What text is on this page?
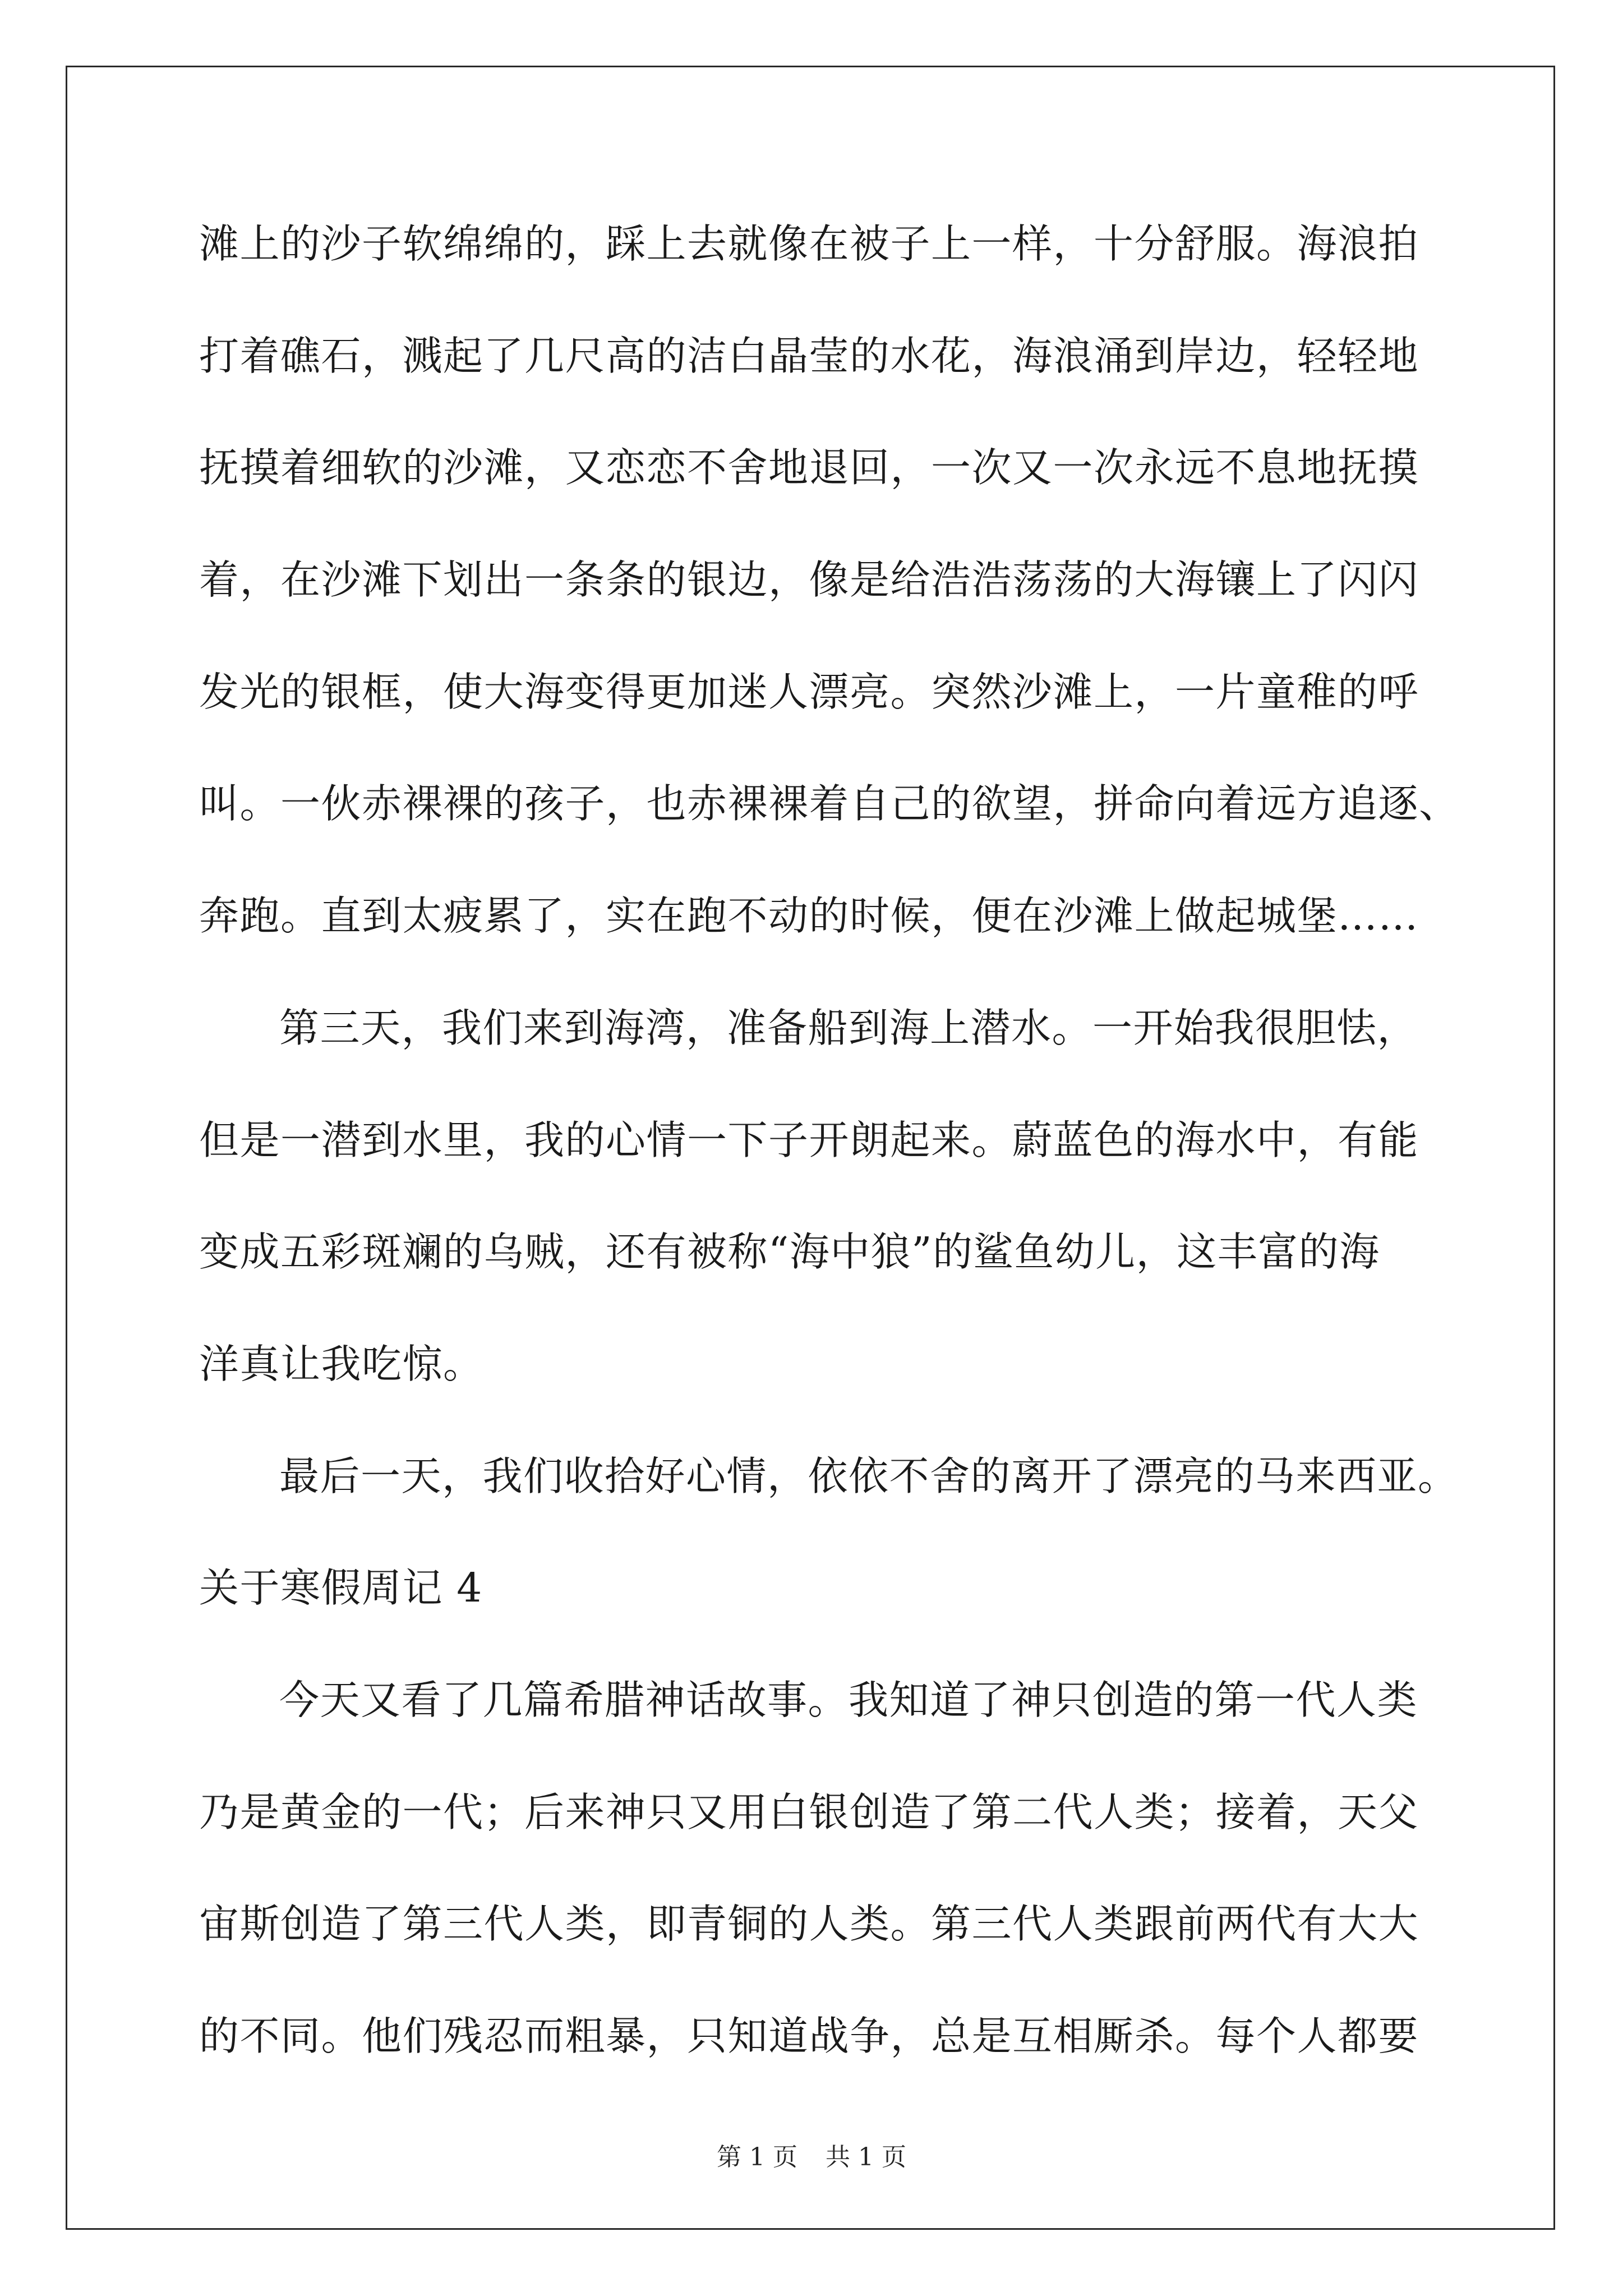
滩上的沙子软绵绵的，踩上去就像在被子上一样，十分舒服。海浪拍
打着礁石，溅起了几尺高的洁白晶莹的水花，海浪涌到岸边，轻轻地
抚摸着细软的沙滩，又恋恋不舍地退回，一次又一次永远不息地抚摸
着，在沙滩下划出一条条的银边，像是给浩浩荡荡的大海镶上了闪闪
发光的银框，使大海变得更加迷人漂亮。突然沙滩上，一片童稚的呼
叫。一伙赤裸裸的孩子，也赤裸裸着自己的欲望，拼命向着远方追逐、
奔跑。直到太疲累了，实在跑不动的时候，便在沙滩上做起城堡……
第三天，我们来到海湾，准备船到海上潜水。一开始我很胆怯，
但是一潜到水里，我的心情一下子开朗起来。蔚蓝色的海水中，有能
变成五彩斑斓的乌贼，还有被称“海中狼”的鲨鱼幼儿，这丰富的海
洋真让我吃惊。
最后一天，我们收拾好心情，依依不舍的离开了漂亮的马来西亚。
关于寒假周记 4
今天又看了几篇希腊神话故事。我知道了神只创造的第一代人类
乃是黄金的一代；后来神只又用白银创造了第二代人类；接着，天父
宙斯创造了第三代人类，即青铜的人类。第三代人类跟前两代有大大
的不同。他们残忍而粗暴，只知道战争，总是互相厮杀。每个人都要
第 1 页 共 1 页
